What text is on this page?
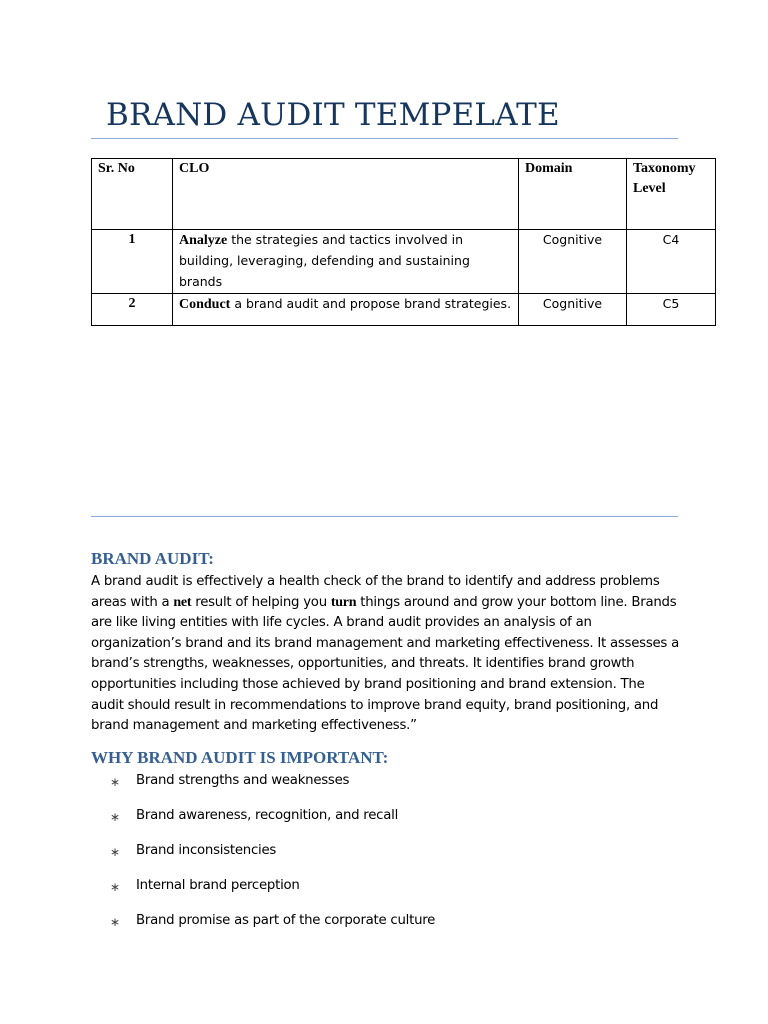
BRAND AUDIT TEMPELATE
Sr. No	CLO	Domain	Taxonomy
Level

1	Analyze the strategies and tactics involved in building, leveraging, defending and sustaining brands	Cognitive	C4
2	Conduct a brand audit and propose brand strategies.	Cognitive	C5
BRAND AUDIT:

A brand audit is effectively a health check of the brand to identify and address problems areas with a net result of helping you turn things around and grow your bottom line. Brands are like living entities with life cycles. A brand audit provides an analysis of an organization’s brand and its brand management and marketing effectiveness. It assesses a brand’s strengths, weaknesses, opportunities, and threats. It identifies brand growth opportunities including those achieved by brand positioning and brand extension. The audit should result in recommendations to improve brand equity, brand positioning, and brand management and marketing effectiveness.”

WHY BRAND AUDIT IS IMPORTANT:
∗ Brand strengths and weaknesses
∗ Brand awareness, recognition, and recall
∗ Brand inconsistencies
∗ Internal brand perception
∗ Brand promise as part of the corporate culture
